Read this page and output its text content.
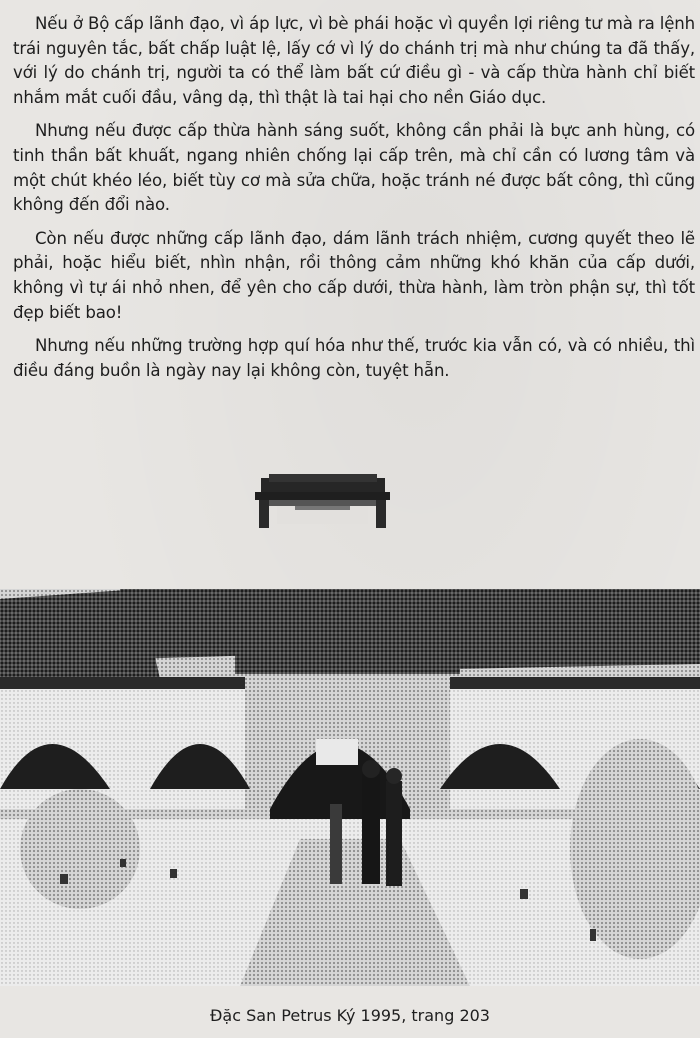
Nếu ở Bộ cấp lãnh đạo, vì áp lực, vì bè phái hoặc vì quyền lợi riêng tư mà ra lệnh trái nguyên tắc, bất chấp luật lệ, lấy cớ vì lý do chánh trị mà như chúng ta đã thấy, với lý do chánh trị, người ta có thể làm bất cứ điều gì - và cấp thừa hành chỉ biết nhắm mắt cuối đầu, vâng dạ, thì thật là tai hại cho nền Giáo dục.

Nhưng nếu được cấp thừa hành sáng suốt, không cần phải là bực anh hùng, có tinh thần bất khuất, ngang nhiên chống lại cấp trên, mà chỉ cần có lương tâm và một chút khéo léo, biết tùy cơ mà sửa chữa, hoặc tránh né được bất công, thì cũng không đến đổi nào.

Còn nếu được những cấp lãnh đạo, dám lãnh trách nhiệm, cương quyết theo lẽ phải, hoặc hiểu biết, nhìn nhận, rồi thông cảm những khó khăn của cấp dưới, không vì tự ái nhỏ nhen, để yên cho cấp dưới, thừa hành, làm tròn phận sự, thì tốt đẹp biết bao!

Nhưng nếu những trường hợp quí hóa như thế, trước kia vẫn có, và có nhiều, thì điều đáng buồn là ngày nay lại không còn, tuyệt hẵn.

Đặc San Petrus Ký 1995, trang 203
